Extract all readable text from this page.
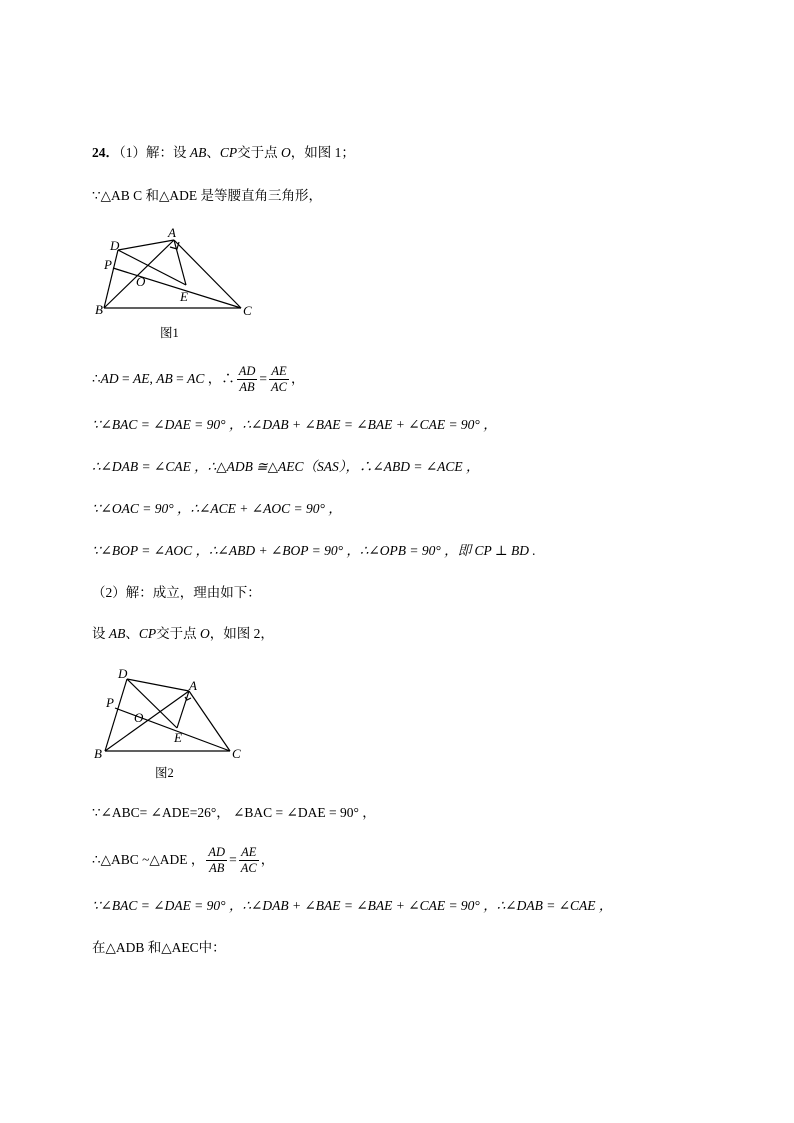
24．（1）解：设 AB、CP交于点 O，如图 1；
∵△AB C 和△ADE 是等腰直角三角形，
A
B	C
D
E
O
P
图1
∴AD = AE, AB = AC ，∴ $\frac{AD}{AB} = \frac{AE}{AC}$ ，
∵∠BAC = ∠DAE = 90° ，∴∠DAB + ∠BAE = ∠BAE + ∠CAE = 90° ，
∴∠DAB = ∠CAE ，∴△ADB ≅△AEC（SAS），∴∠ABD = ∠ACE ，
∵∠OAC = 90° ，∴∠ACE + ∠AOC = 90° ，
∵∠BOP = ∠AOC ，∴∠ABD + ∠BOP = 90° ，∴∠OPB = 90° ，即 CP ⊥ BD .
（2）解：成立，理由如下：
设 AB、CP交于点 O，如图 2，
A
B	C
D
E
O
P
图2
∵∠ABC= ∠ADE=26°， ∠BAC = ∠DAE = 90° ，
∴△ABC ~△ADE ， $\frac{AD}{AB} = \frac{AE}{AC}$ ，
∵∠BAC = ∠DAE = 90° ，∴∠DAB + ∠BAE = ∠BAE + ∠CAE = 90° ，∴∠DAB = ∠CAE ，
在△ADB 和△AEC中：
